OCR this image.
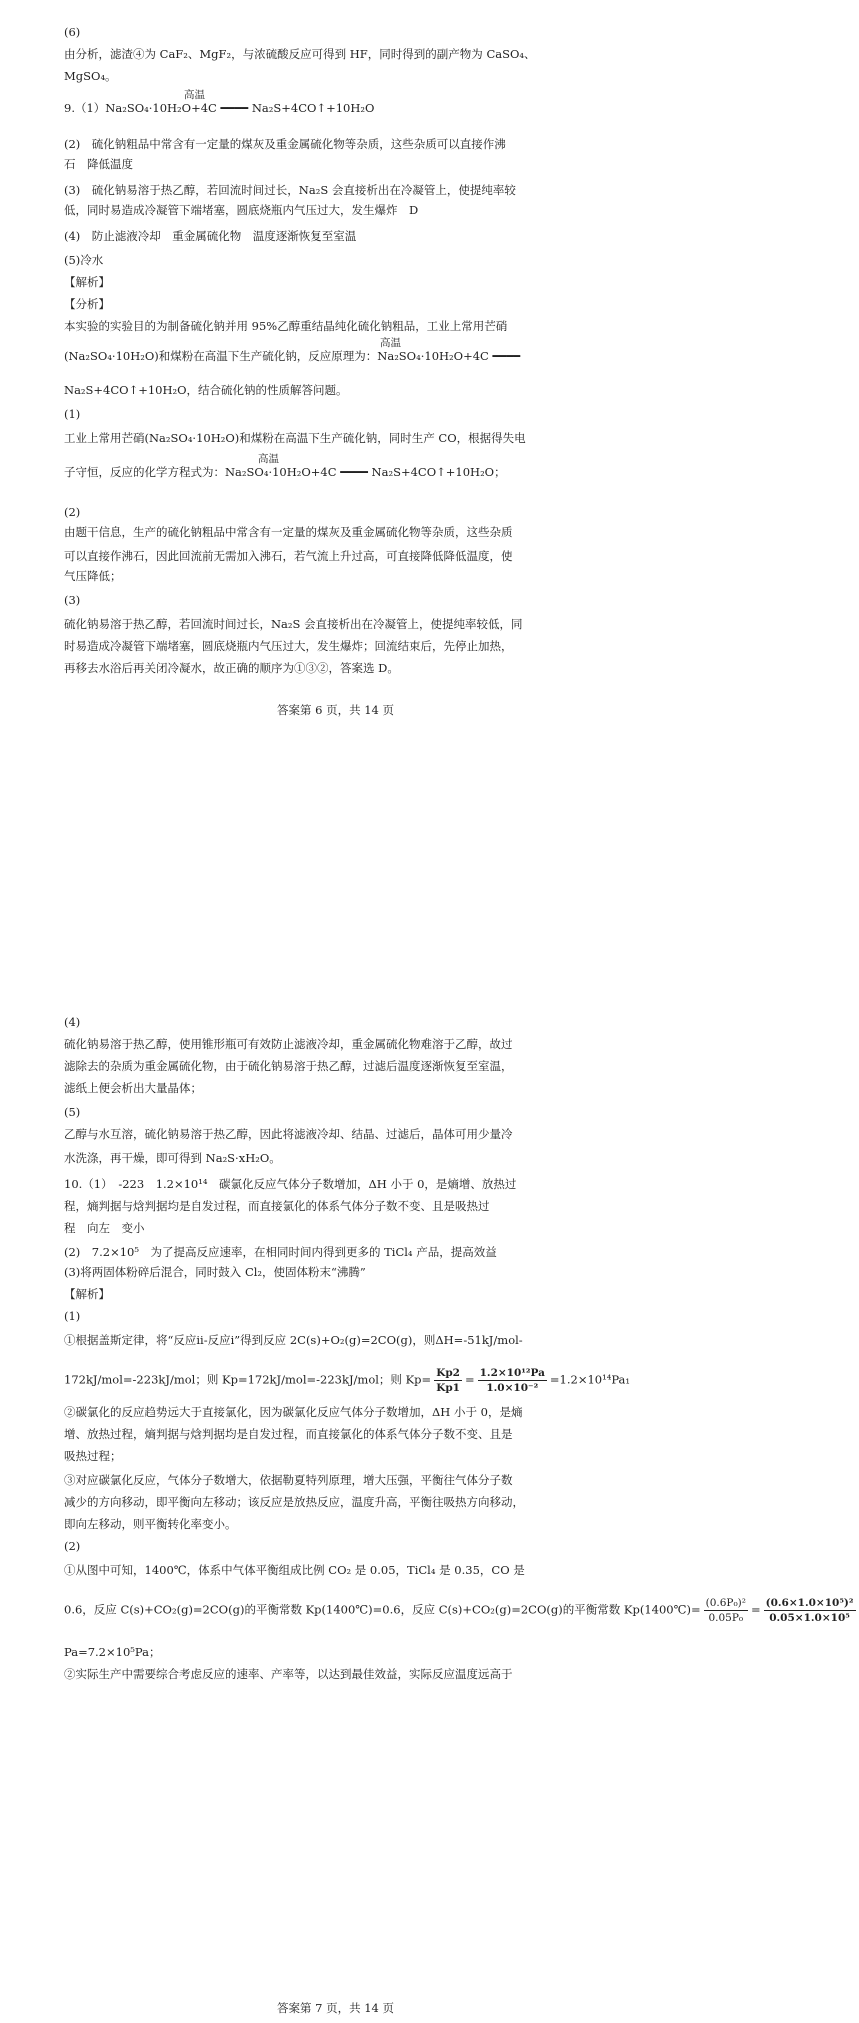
(6)
由分析，滤渣④为 CaF₂、MgF₂，与浓硫酸反应可得到 HF，同时得到的副产物为 CaSO₄、
MgSO₄。
9.（1）Na₂SO₄·10H₂O+4C ━━━━ Na₂S+4CO↑+10H₂O
(2)　硫化钠粗品中常含有一定量的煤灰及重金属硫化物等杂质，这些杂质可以直接作沸
石　降低温度
(3)　硫化钠易溶于热乙醇，若回流时间过长，Na₂S 会直接析出在冷凝管上，使提纯率较
低，同时易造成冷凝管下端堵塞，圆底烧瓶内气压过大，发生爆炸　D
(4)　防止滤液冷却　重金属硫化物　温度逐渐恢复至室温
(5)冷水
【解析】
【分析】
本实验的实验目的为制备硫化钠并用 95%乙醇重结晶纯化硫化钠粗品，工业上常用芒硝
(Na₂SO₄·10H₂O)和煤粉在高温下生产硫化钠，反应原理为：Na₂SO₄·10H₂O+4C ━━━━
Na₂S+4CO↑+10H₂O，结合硫化钠的性质解答问题。
(1)
工业上常用芒硝(Na₂SO₄·10H₂O)和煤粉在高温下生产硫化钠，同时生产 CO，根据得失电
子守恒，反应的化学方程式为：Na₂SO₄·10H₂O+4C ━━━━ Na₂S+4CO↑+10H₂O；
(2)
由题干信息，生产的硫化钠粗品中常含有一定量的煤灰及重金属硫化物等杂质，这些杂质
可以直接作沸石，因此回流前无需加入沸石，若气流上升过高，可直接降低降低温度，使
气压降低；
(3)
硫化钠易溶于热乙醇，若回流时间过长，Na₂S 会直接析出在冷凝管上，使提纯率较低，同
时易造成冷凝管下端堵塞，圆底烧瓶内气压过大，发生爆炸；回流结束后，先停止加热，
再移去水浴后再关闭冷凝水，故正确的顺序为①③②，答案选 D。
高温
高温
高温
答案第 6 页，共 14 页
(4)
硫化钠易溶于热乙醇，使用锥形瓶可有效防止滤液冷却，重金属硫化物难溶于乙醇，故过
滤除去的杂质为重金属硫化物，由于硫化钠易溶于热乙醇，过滤后温度逐渐恢复至室温，
滤纸上便会析出大量晶体；
(5)
乙醇与水互溶，硫化钠易溶于热乙醇，因此将滤液冷却、结晶、过滤后，晶体可用少量冷
水洗涤，再干燥，即可得到 Na₂S·xH₂O。
10.（1）　-223　1.2×10¹⁴　碳氯化反应气体分子数增加，ΔH 小于 0，是熵增、放热过
程，熵判据与焓判据均是自发过程，而直接氯化的体系气体分子数不变、且是吸热过
程　向左　变小
(2)　7.2×10⁵　为了提高反应速率，在相同时间内得到更多的 TiCl₄ 产品，提高效益
(3)将两固体粉碎后混合，同时鼓入 Cl₂，使固体粉末“沸腾”
【解析】
(1)
①根据盖斯定律，将“反应ii-反应i”得到反应 2C(s)+O₂(g)=2CO(g)，则ΔH=-51kJ/mol-
172kJ/mol=-223kJ/mol；则 Kp=172kJ/mol=-223kJ/mol；则 $Kp= \frac{Kp2}{Kp1} = \frac{\text{1.2×10¹²Pa}}{\text{1.0×10⁻²}} =1.2\times 10^{14}Pa_1$
②碳氯化的反应趋势远大于直接氯化，因为碳氯化反应气体分子数增加，ΔH 小于 0，是熵
增、放热过程，熵判据与焓判据均是自发过程，而直接氯化的体系气体分子数不变、且是
吸热过程；
③对应碳氯化反应，气体分子数增大，依据勒夏特列原理，增大压强，平衡往气体分子数
减少的方向移动，即平衡向左移动；该反应是放热反应，温度升高，平衡往吸热方向移动，
即向左移动，则平衡转化率变小。
(2)
①从图中可知，1400℃，体系中气体平衡组成比例 CO₂ 是 0.05，TiCl₄ 是 0.35，CO 是
0.6，反应 C(s)+CO₂(g)=2CO(g)的平衡常数 Kp(1400℃)=0.6，反应 C(s)+CO₂(g)=2CO(g)的平衡常数 Kp(1400℃)= $\frac{\text{(0.6P₀)²}}{\text{0.05P₀}} = \frac{\text{(0.6×1.0×10⁵)²}}{\text{0.05×1.0×10⁵}}$
Pa=7.2×10⁵Pa；
②实际生产中需要综合考虑反应的速率、产率等，以达到最佳效益，实际反应温度远高于
答案第 7 页，共 14 页
